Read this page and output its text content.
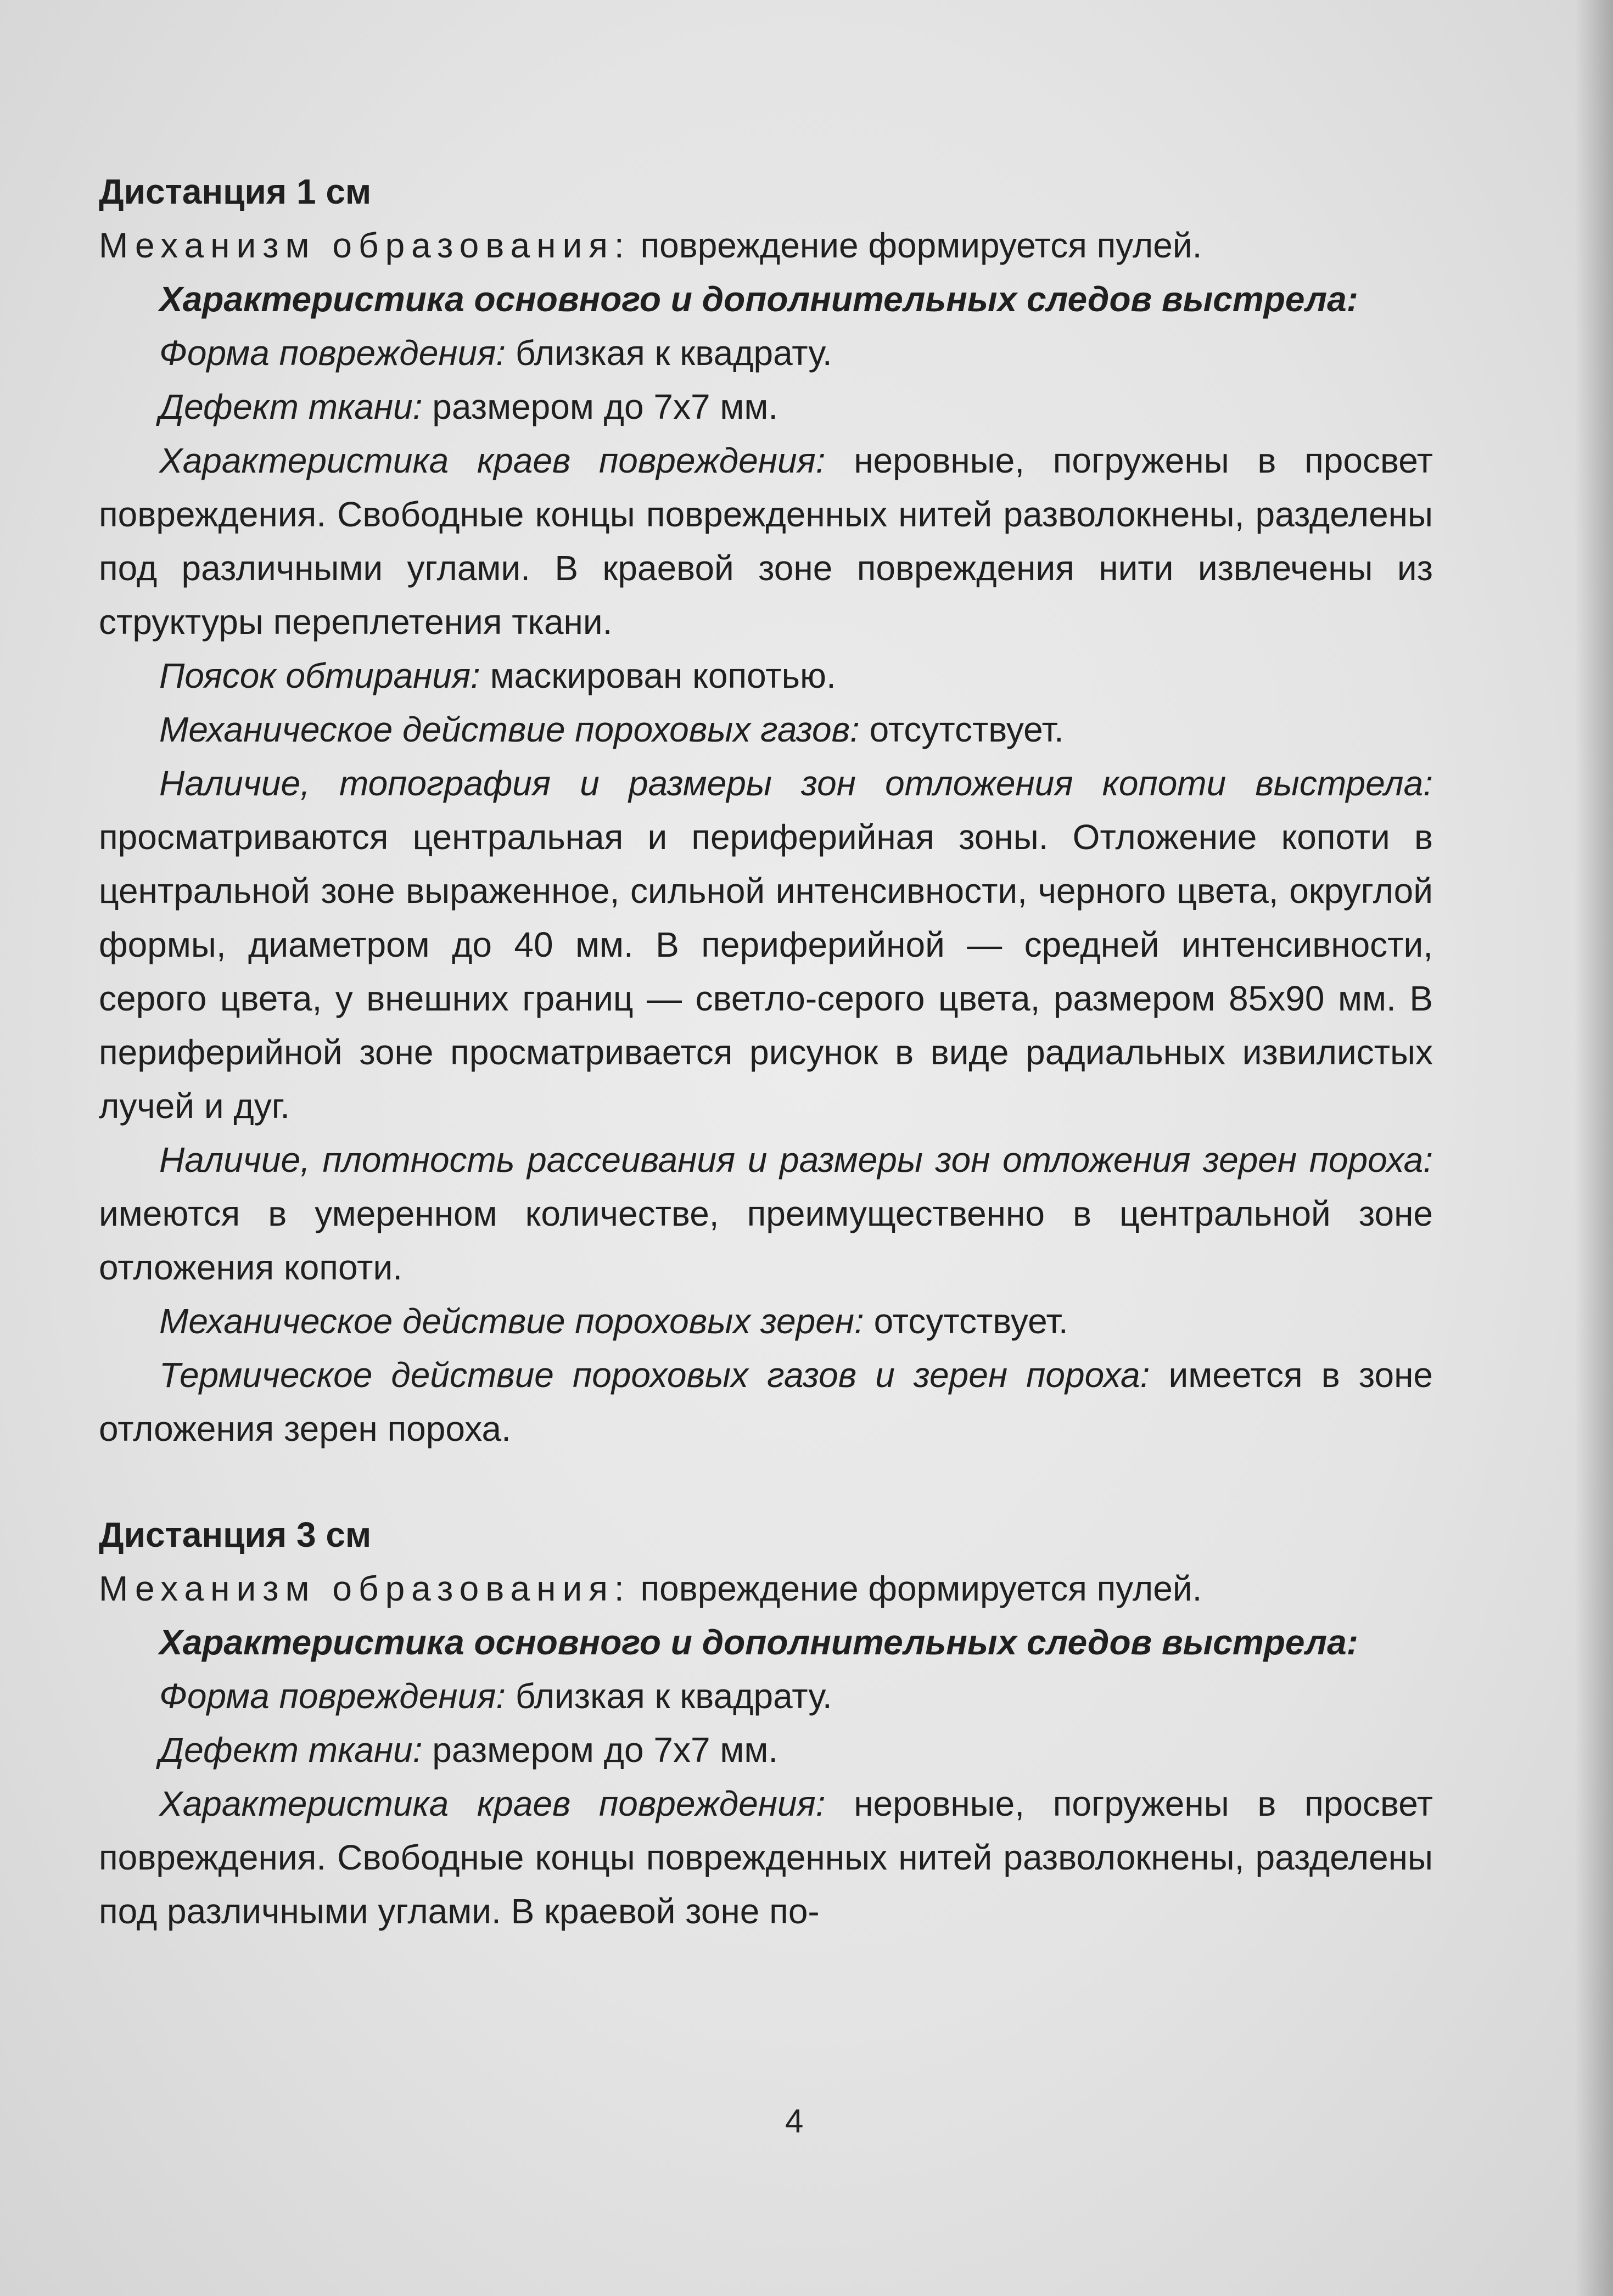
Дистанция 1 см

Механизм образования: повреждение формируется пулей.

Характеристика основного и дополнительных следов выстрела:

Форма повреждения: близкая к квадрату.

Дефект ткани: размером до 7х7 мм.

Характеристика краев повреждения: неровные, погружены в просвет повреждения. Свободные концы поврежденных нитей разволокнены, разделены под различными углами. В краевой зоне повреждения нити извлечены из структуры переплетения ткани.

Поясок обтирания: маскирован копотью.

Механическое действие пороховых газов: отсутствует.

Наличие, топография и размеры зон отложения копоти выстрела: просматриваются центральная и периферийная зоны. Отложение копоти в центральной зоне выраженное, сильной интенсивности, черного цвета, округлой формы, диаметром до 40 мм. В периферийной — средней интенсивности, серого цвета, у внешних границ — светло-серого цвета, размером 85х90 мм. В периферийной зоне просматривается рисунок в виде радиальных извилистых лучей и дуг.

Наличие, плотность рассеивания и размеры зон отложения зерен пороха: имеются в умеренном количестве, преимущественно в центральной зоне отложения копоти.

Механическое действие пороховых зерен: отсутствует.

Термическое действие пороховых газов и зерен пороха: имеется в зоне отложения зерен пороха.

Дистанция 3 см

Механизм образования: повреждение формируется пулей.

Характеристика основного и дополнительных следов выстрела:

Форма повреждения: близкая к квадрату.

Дефект ткани: размером до 7х7 мм.

Характеристика краев повреждения: неровные, погружены в просвет повреждения. Свободные концы поврежденных нитей разволокнены, разделены под различными углами. В краевой зоне по-

4
